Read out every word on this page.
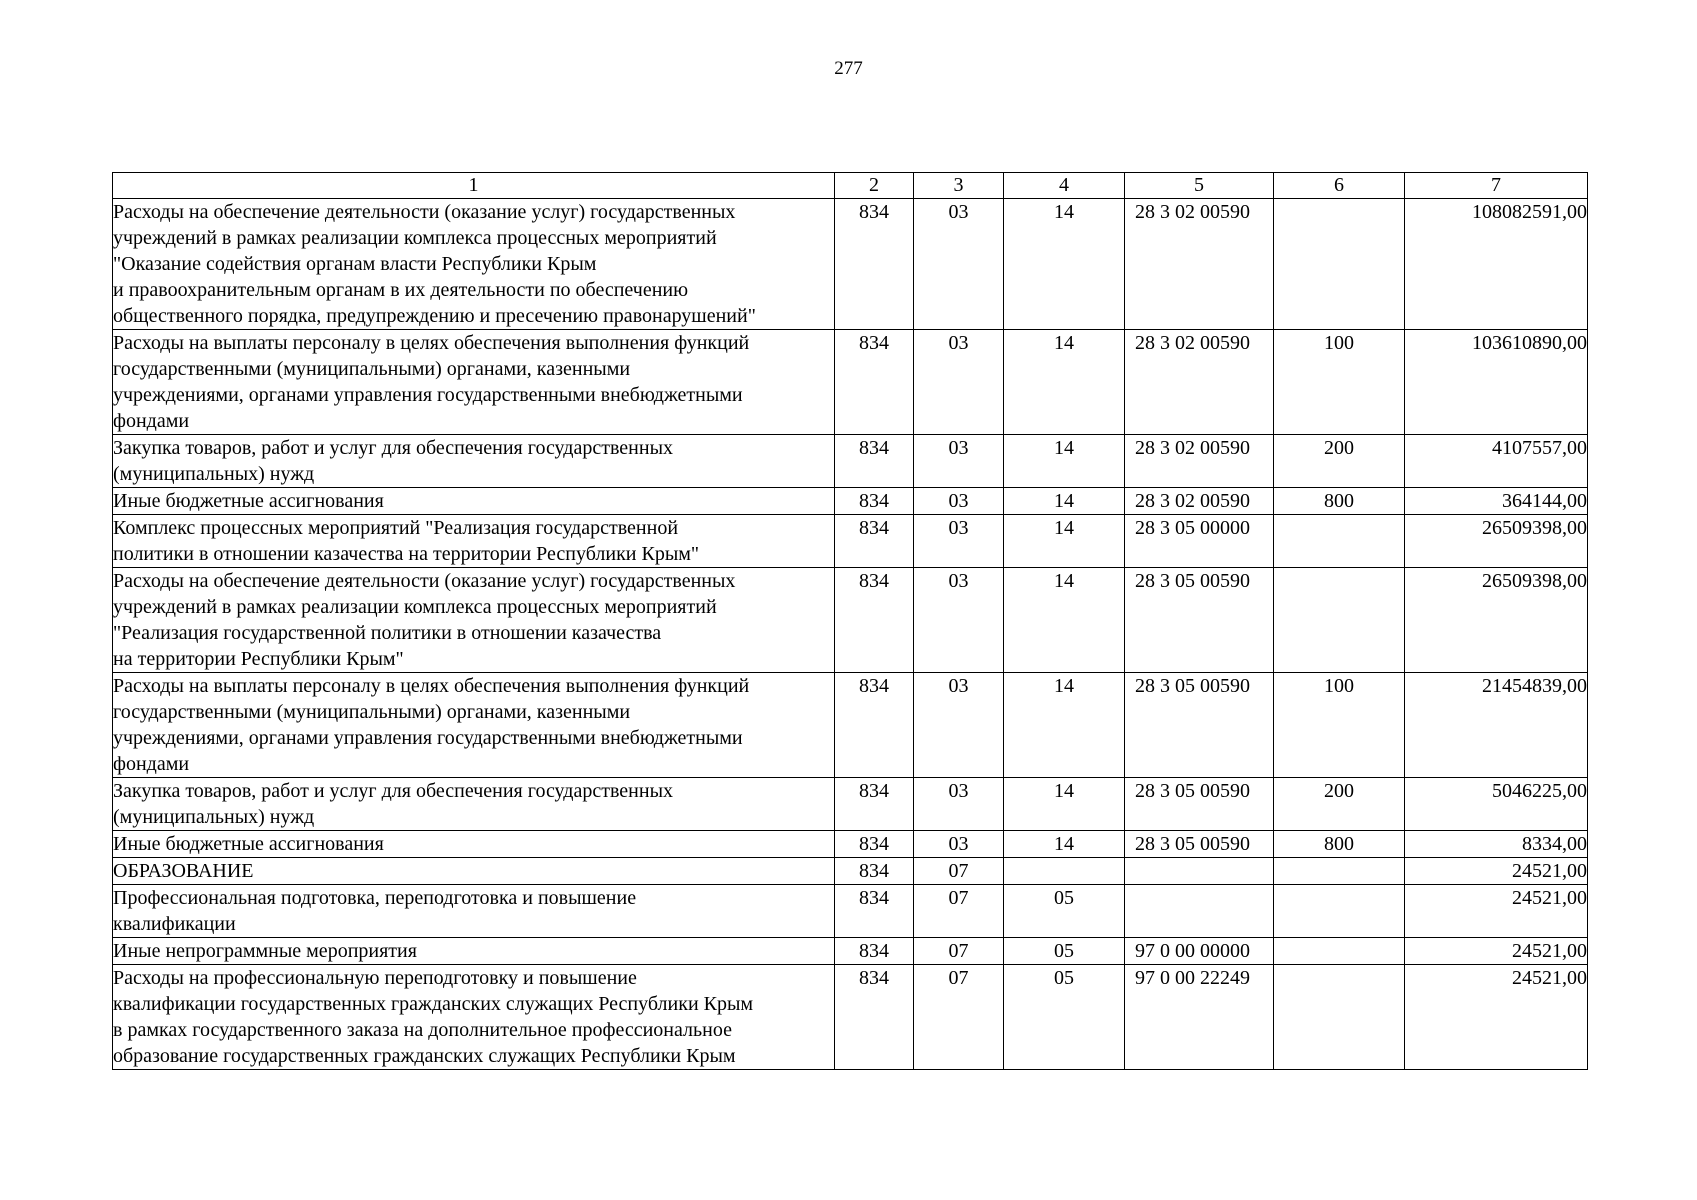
277
1	2	3	4	5	6	7
Расходы на обеспечение деятельности (оказание услуг) государственных
учреждений в рамках реализации комплекса процессных мероприятий
"Оказание содействия органам власти Республики Крым
и правоохранительным органам в их деятельности по обеспечению
общественного порядка, предупреждению и пресечению правонарушений"	834	03	14	28 3 02 00590		108082591,00
Расходы на выплаты персоналу в целях обеспечения выполнения функций
государственными (муниципальными) органами, казенными
учреждениями, органами управления государственными внебюджетными
фондами	834	03	14	28 3 02 00590	100	103610890,00
Закупка товаров, работ и услуг для обеспечения государственных
(муниципальных) нужд	834	03	14	28 3 02 00590	200	4107557,00
Иные бюджетные ассигнования	834	03	14	28 3 02 00590	800	364144,00
Комплекс процессных мероприятий "Реализация государственной
политики в отношении казачества на территории Республики Крым"	834	03	14	28 3 05 00000		26509398,00
Расходы на обеспечение деятельности (оказание услуг) государственных
учреждений в рамках реализации комплекса процессных мероприятий
"Реализация государственной политики в отношении казачества
на территории Республики Крым"	834	03	14	28 3 05 00590		26509398,00
Расходы на выплаты персоналу в целях обеспечения выполнения функций
государственными (муниципальными) органами, казенными
учреждениями, органами управления государственными внебюджетными
фондами	834	03	14	28 3 05 00590	100	21454839,00
Закупка товаров, работ и услуг для обеспечения государственных
(муниципальных) нужд	834	03	14	28 3 05 00590	200	5046225,00
Иные бюджетные ассигнования	834	03	14	28 3 05 00590	800	8334,00
ОБРАЗОВАНИЕ	834	07				24521,00
Профессиональная подготовка, переподготовка и повышение
квалификации	834	07	05			24521,00
Иные непрограммные мероприятия	834	07	05	97 0 00 00000		24521,00
Расходы на профессиональную переподготовку и повышение
квалификации государственных гражданских служащих Республики Крым
в рамках государственного заказа на дополнительное профессиональное
образование государственных гражданских служащих Республики Крым	834	07	05	97 0 00 22249		24521,00
